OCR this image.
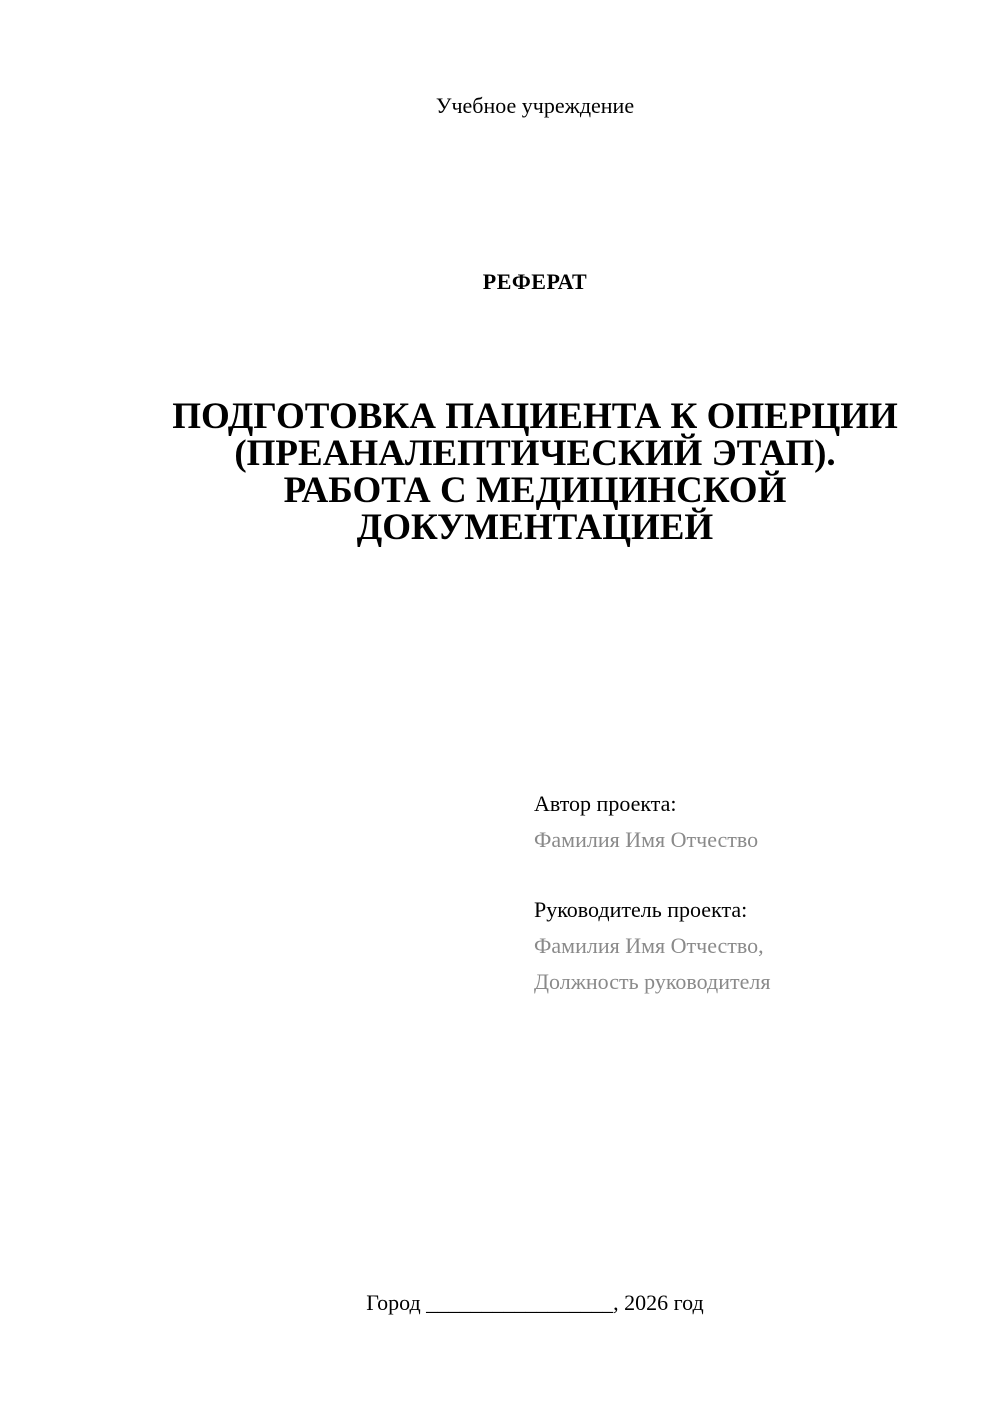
Учебное учреждение
РЕФЕРАТ
ПОДГОТОВКА ПАЦИЕНТА К ОПЕРЦИИ
(ПРЕАНАЛЕПТИЧЕСКИЙ ЭТАП).
РАБОТА С МЕДИЦИНСКОЙ
ДОКУМЕНТАЦИЕЙ
Автор проекта:
Фамилия Имя Отчество
Руководитель проекта:
Фамилия Имя Отчество,
Должность руководителя
Город _________________, 2026 год
